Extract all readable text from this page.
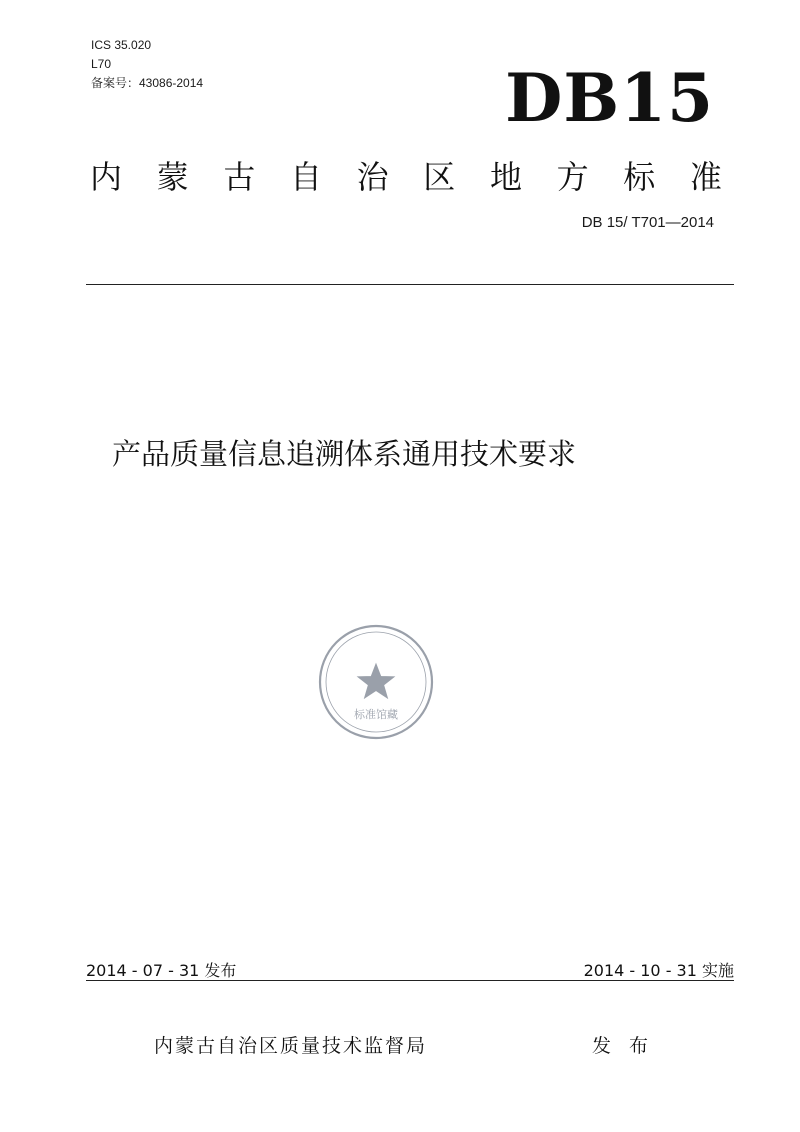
ICS 35.020
L70
备案号：43086-2014	DB15
内 蒙 古 自 治 区 地 方 标 准
DB 15/ T701—2014
产品质量信息追溯体系通用技术要求
标准馆藏
2014 - 07 - 31 发布	2014 - 10 - 31 实施
内蒙古自治区质量技术监督局	发 布
